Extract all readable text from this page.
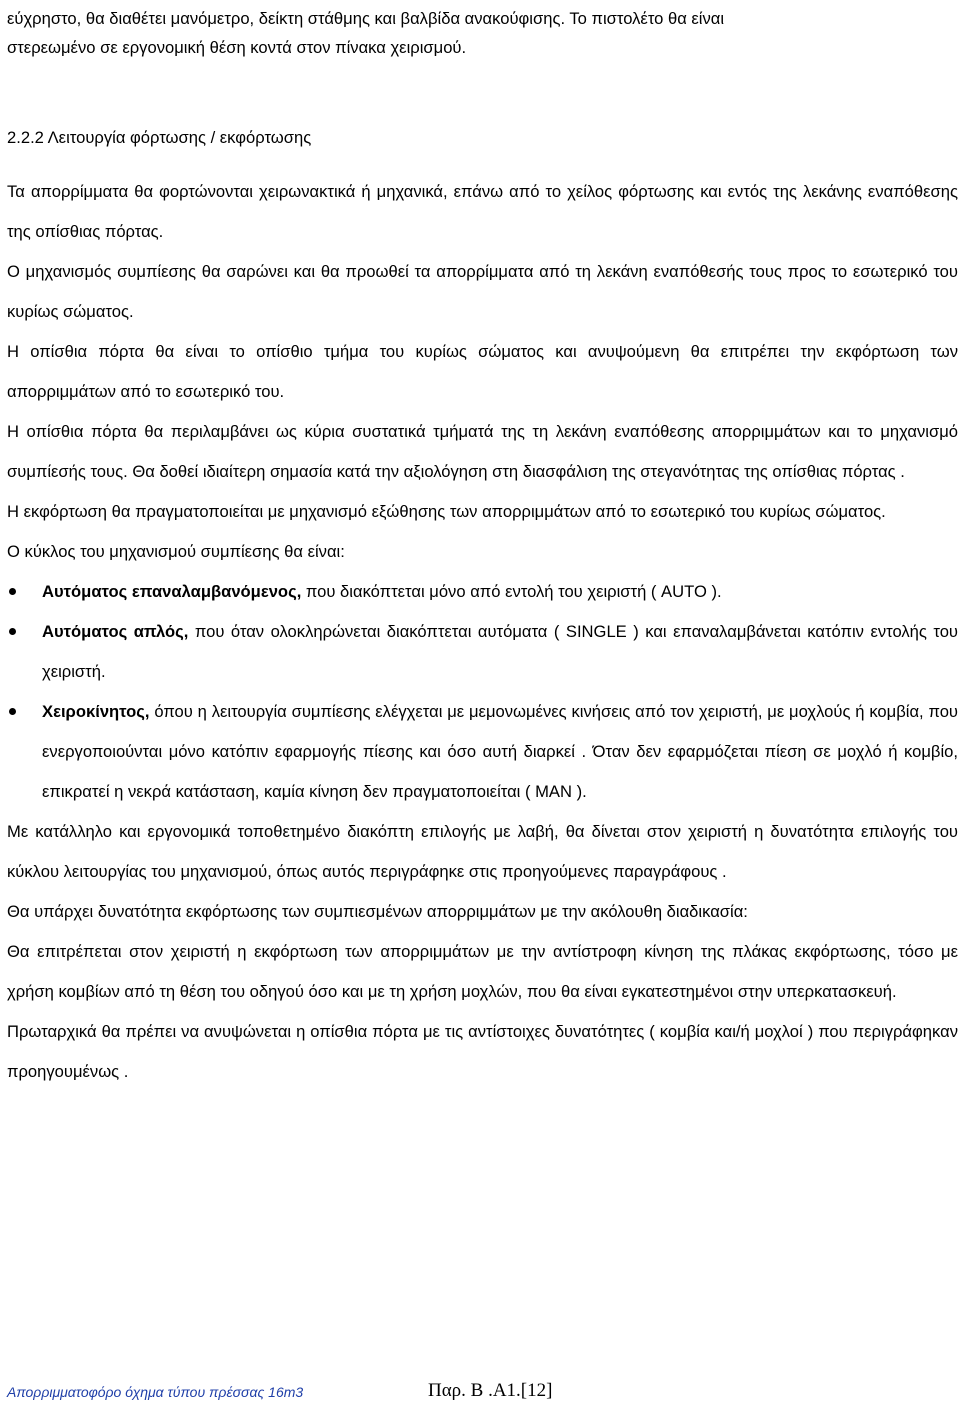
εύχρηστο, θα διαθέτει μανόμετρο, δείκτη στάθμης και βαλβίδα ανακούφισης. Το πιστολέτο θα είναι

στερεωμένο σε εργονομική θέση κοντά στον πίνακα χειρισμού.

2.2.2 Λειτουργία φόρτωσης / εκφόρτωσης

Τα απορρίμματα θα φορτώνονται χειρωνακτικά ή μηχανικά, επάνω από το χείλος φόρτωσης και εντός της λεκάνης εναπόθεσης της οπίσθιας πόρτας.

Ο μηχανισμός συμπίεσης θα σαρώνει και θα προωθεί τα απορρίμματα από τη λεκάνη εναπόθεσής τους προς το εσωτερικό του κυρίως σώματος.

Η οπίσθια πόρτα θα είναι το οπίσθιο τμήμα του κυρίως σώματος και ανυψούμενη θα επιτρέπει την εκφόρτωση των απορριμμάτων από το εσωτερικό του.

Η οπίσθια πόρτα θα περιλαμβάνει ως κύρια συστατικά τμήματά της τη λεκάνη εναπόθεσης απορριμμάτων και το μηχανισμό συμπίεσής τους. Θα δοθεί ιδιαίτερη σημασία κατά την αξιολόγηση στη διασφάλιση της στεγανότητας της οπίσθιας πόρτας .

Η εκφόρτωση θα πραγματοποιείται με μηχανισμό εξώθησης των απορριμμάτων από το εσωτερικό του κυρίως σώματος.

Ο κύκλος του μηχανισμού συμπίεσης θα είναι:

Αυτόματος επαναλαμβανόμενος, που διακόπτεται μόνο από εντολή του χειριστή ( AUTO ).
Αυτόματος απλός, που όταν ολοκληρώνεται διακόπτεται αυτόματα ( SINGLE ) και επαναλαμβάνεται κατόπιν εντολής του χειριστή.
Χειροκίνητος, όπου η λειτουργία συμπίεσης ελέγχεται με μεμονωμένες κινήσεις από τον χειριστή, με μοχλούς ή κομβία, που ενεργοποιούνται μόνο κατόπιν εφαρμογής πίεσης και όσο αυτή διαρκεί . Όταν δεν εφαρμόζεται πίεση σε μοχλό ή κομβίο, επικρατεί η νεκρά κατάσταση, καμία κίνηση δεν πραγματοποιείται ( MAN ).

Με κατάλληλο και εργονομικά τοποθετημένο διακόπτη επιλογής με λαβή, θα δίνεται στον χειριστή η δυνατότητα επιλογής του κύκλου λειτουργίας του μηχανισμού, όπως αυτός περιγράφηκε στις προηγούμενες παραγράφους .

Θα υπάρχει δυνατότητα εκφόρτωσης των συμπιεσμένων απορριμμάτων με την ακόλουθη διαδικασία:

Θα επιτρέπεται στον χειριστή η εκφόρτωση των απορριμμάτων με την αντίστροφη κίνηση της πλάκας εκφόρτωσης, τόσο με χρήση κομβίων από τη θέση του οδηγού όσο και με τη χρήση μοχλών, που θα είναι εγκατεστημένοι στην υπερκατασκευή.

Πρωταρχικά θα πρέπει να ανυψώνεται η οπίσθια πόρτα με τις αντίστοιχες δυνατότητες ( κομβία και/ή μοχλοί ) που περιγράφηκαν προηγουμένως .

Απορριμματοφόρο όχημα τύπου πρέσσας 16m3	Παρ. Β .Α1.[12]
